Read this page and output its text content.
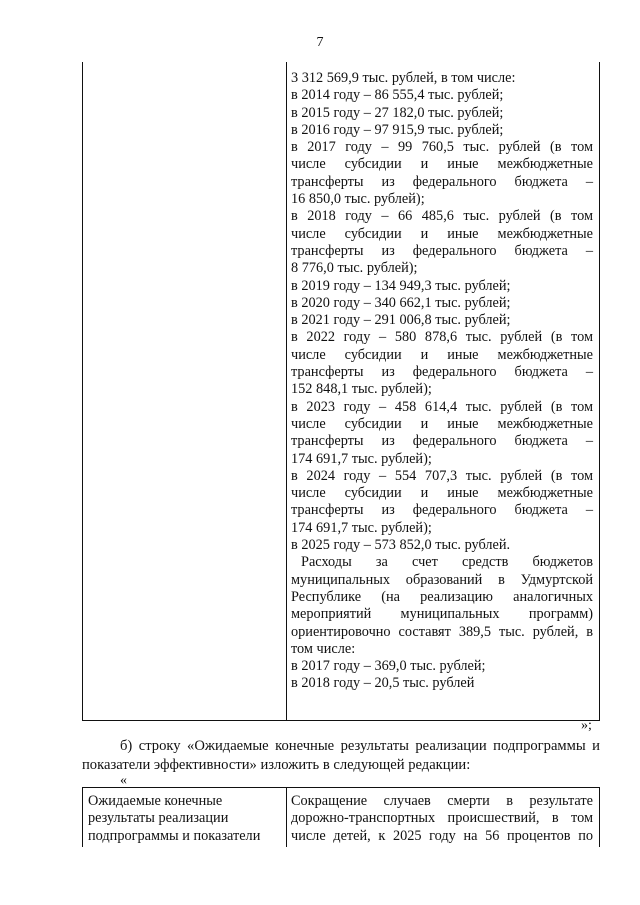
7
3 312 569,9 тыс. рублей, в том числе:
в 2014 году – 86 555,4 тыс. рублей;
в 2015 году – 27 182,0 тыс. рублей;
в 2016 году – 97 915,9 тыс. рублей;
в 2017 году – 99 760,5 тыс. рублей (в том
числе субсидии и иные межбюджетные
трансферты из федерального бюджета –
16 850,0 тыс. рублей);
в 2018 году – 66 485,6 тыс. рублей (в том
числе субсидии и иные межбюджетные
трансферты из федерального бюджета –
8 776,0 тыс. рублей);
в 2019 году – 134 949,3 тыс. рублей;
в 2020 году – 340 662,1 тыс. рублей;
в 2021 году – 291 006,8 тыс. рублей;
в 2022 году – 580 878,6 тыс. рублей (в том
числе субсидии и иные межбюджетные
трансферты из федерального бюджета –
152 848,1 тыс. рублей);
в 2023 году – 458 614,4 тыс. рублей (в том
числе субсидии и иные межбюджетные
трансферты из федерального бюджета –
174 691,7 тыс. рублей);
в 2024 году – 554 707,3 тыс. рублей (в том
числе субсидии и иные межбюджетные
трансферты из федерального бюджета –
174 691,7 тыс. рублей);
в 2025 году – 573 852,0 тыс. рублей.
Расходы за счет средств бюджетов
муниципальных образований в Удмуртской
Республике (на реализацию аналогичных
мероприятий муниципальных программ)
ориентировочно составят 389,5 тыс. рублей, в
том числе:
в 2017 году – 369,0 тыс. рублей;
в 2018 году – 20,5 тыс. рублей
»;
б) строку «Ожидаемые конечные результаты реализации подпрограммы и
показатели эффективности» изложить в следующей редакции:
«
Ожидаемые конечные
результаты реализации
подпрограммы и показатели
Сокращение случаев смерти в результате
дорожно-транспортных происшествий, в том
числе детей, к 2025 году на 56 процентов по
